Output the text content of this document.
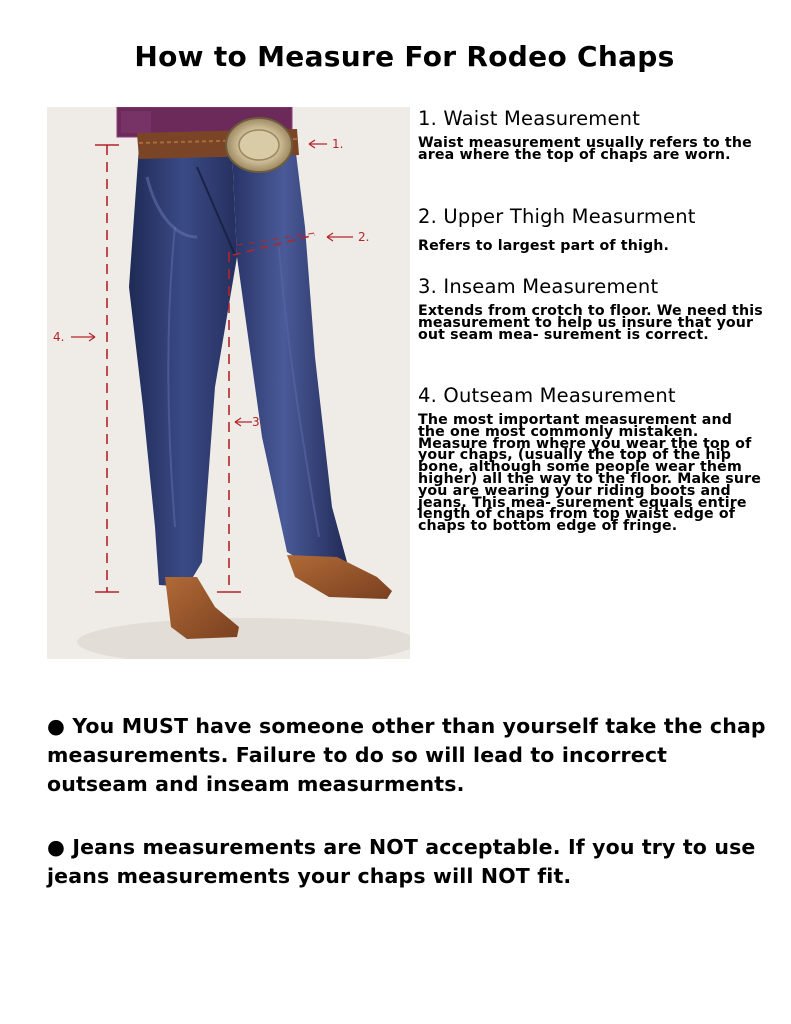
How to Measure For Rodeo Chaps
1.
2.
3.
4.
1. Waist Measurement

Waist measurement usually refers to the area where the top of chaps are worn.

2. Upper Thigh Measurment

Refers to largest part of thigh.

3. Inseam Measurement

Extends from crotch to floor. We need this measurement to help us insure that your out seam mea- surement is correct.

4. Outseam Measurement

The most important measurement and the one most commonly mistaken. Measure from where you wear the top of your chaps, (usually the top of the hip bone, although some people wear them higher) all the way to the floor. Make sure you are wearing your riding boots and jeans. This mea- surement equals entire length of chaps from top waist edge of chaps to bottom edge of fringe.

● You MUST have someone other than yourself take the chap measurements. Failure to do so will lead to incorrect outseam and inseam measurments.
● Jeans measurements are NOT acceptable. If you try to use jeans measurements your chaps will NOT fit.
